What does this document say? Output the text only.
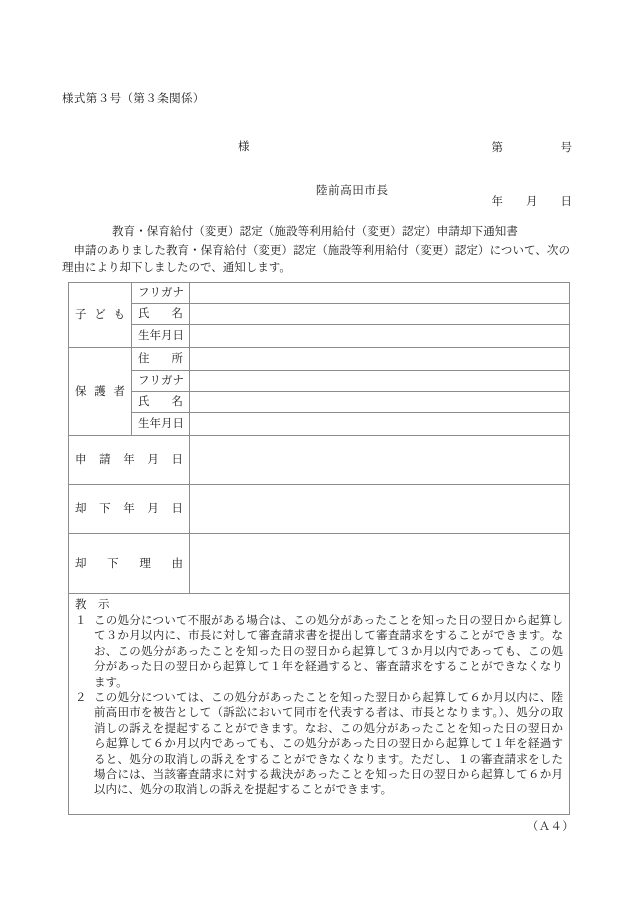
様式第３号（第３条関係）

第　　　　　号

年　　月　　日

様
陸前高田市長
教育・保育給付（変更）認定（施設等利用給付（変更）認定）申請却下通知書
申請のありました教育・保育給付（変更）認定（施設等利用給付（変更）認定）について、次の理由により却下しましたので、通知します。
子 ど も	フ リ ガ ナ	

	氏 名	

	生 年 月 日	

保 護 者	住 所	

	フ リ ガ ナ	

	氏 名	

	生 年 月 日	

申 請 年 月 日		

却 下 年 月 日		

却 下 理 由		

教　示
１ この処分について不服がある場合は、この処分があったことを知った日の翌日から起算して３か月以内に、市長に対して審査請求書を提出して審査請求をすることができます。なお、この処分があったことを知った日の翌日から起算して３か月以内であっても、この処分があった日の翌日から起算して１年を経過すると、審査請求をすることができなくなります。
２ この処分については、この処分があったことを知った翌日から起算して６か月以内に、陸前高田市を被告として（訴訟において同市を代表する者は、市長となります。）、処分の取消しの訴えを提起することができます。なお、この処分があったことを知った日の翌日から起算して６か月以内であっても、この処分があった日の翌日から起算して１年を経過すると、処分の取消しの訴えをすることができなくなります。ただし、１の審査請求をした場合には、当該審査請求に対する裁決があったことを知った日の翌日から起算して６か月以内に、処分の取消しの訴えを提起することができます。		
（Ａ４）
